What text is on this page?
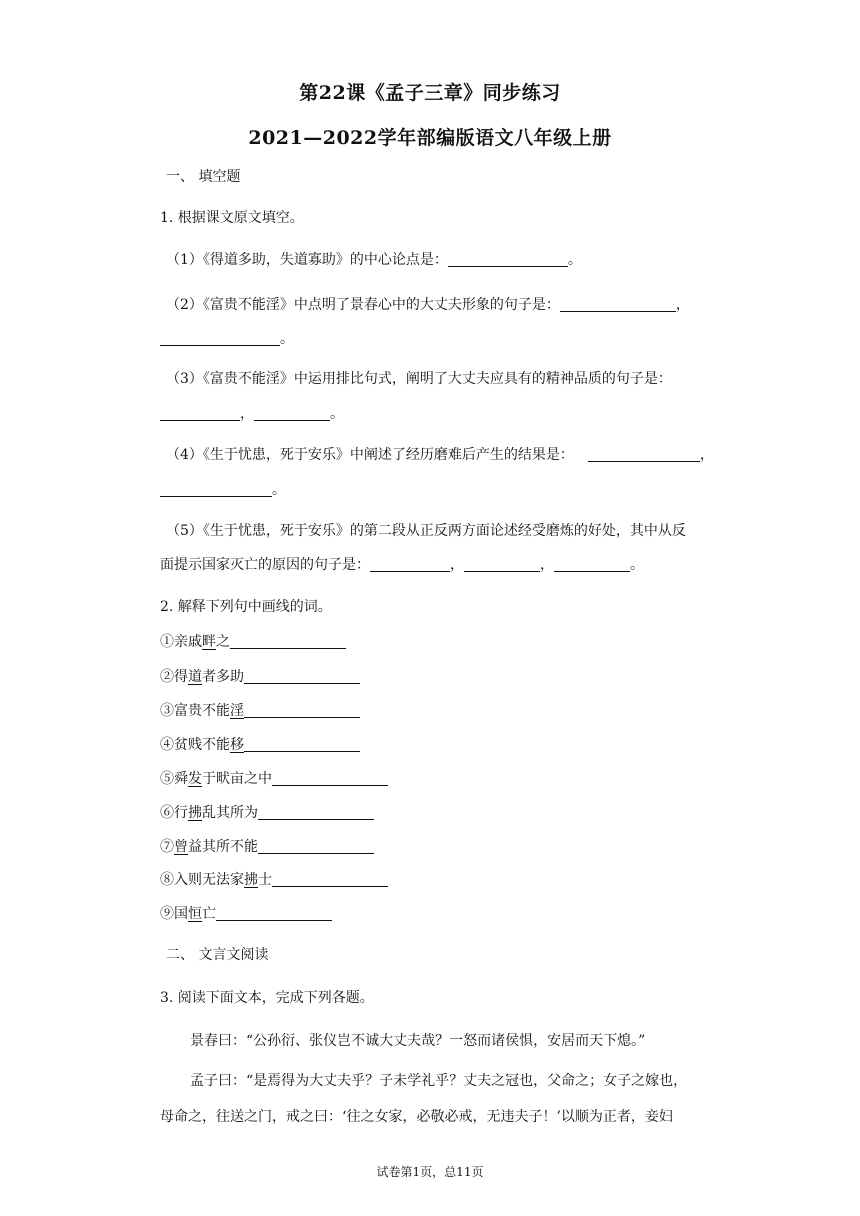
第22课《孟子三章》同步练习
2021—2022学年部编版语文八年级上册
一、 填空题
1. 根据课文原文填空。
（1）《得道多助，失道寡助》的中心论点是：	。
（2）《富贵不能淫》中点明了景春心中的大丈夫形象的句子是：	，
。
（3）《富贵不能淫》中运用排比句式，阐明了大丈夫应具有的精神品质的句子是：
，	。
（4）《生于忧患，死于安乐》中阐述了经历磨难后产生的结果是：	，
。
（5）《生于忧患，死于安乐》的第二段从正反两方面论述经受磨炼的好处，其中从反
面提示国家灭亡的原因的句子是：	，	，	。
2. 解释下列句中画线的词。
①亲戚畔之
②得道者多助
③富贵不能淫
④贫贱不能移
⑤舜发于畎亩之中
⑥行拂乱其所为
⑦曾益其所不能
⑧入则无法家拂士
⑨国恒亡
二、 文言文阅读
3. 阅读下面文本，完成下列各题。
景春曰：“公孙衍、张仪岂不诚大丈夫哉？一怒而诸侯惧，安居而天下熄。”
孟子曰：“是焉得为大丈夫乎？子未学礼乎？丈夫之冠也，父命之；女子之嫁也，
母命之，往送之门，戒之曰：‘往之女家，必敬必戒，无违夫子！’以顺为正者，妾妇
试卷第1页，总11页
